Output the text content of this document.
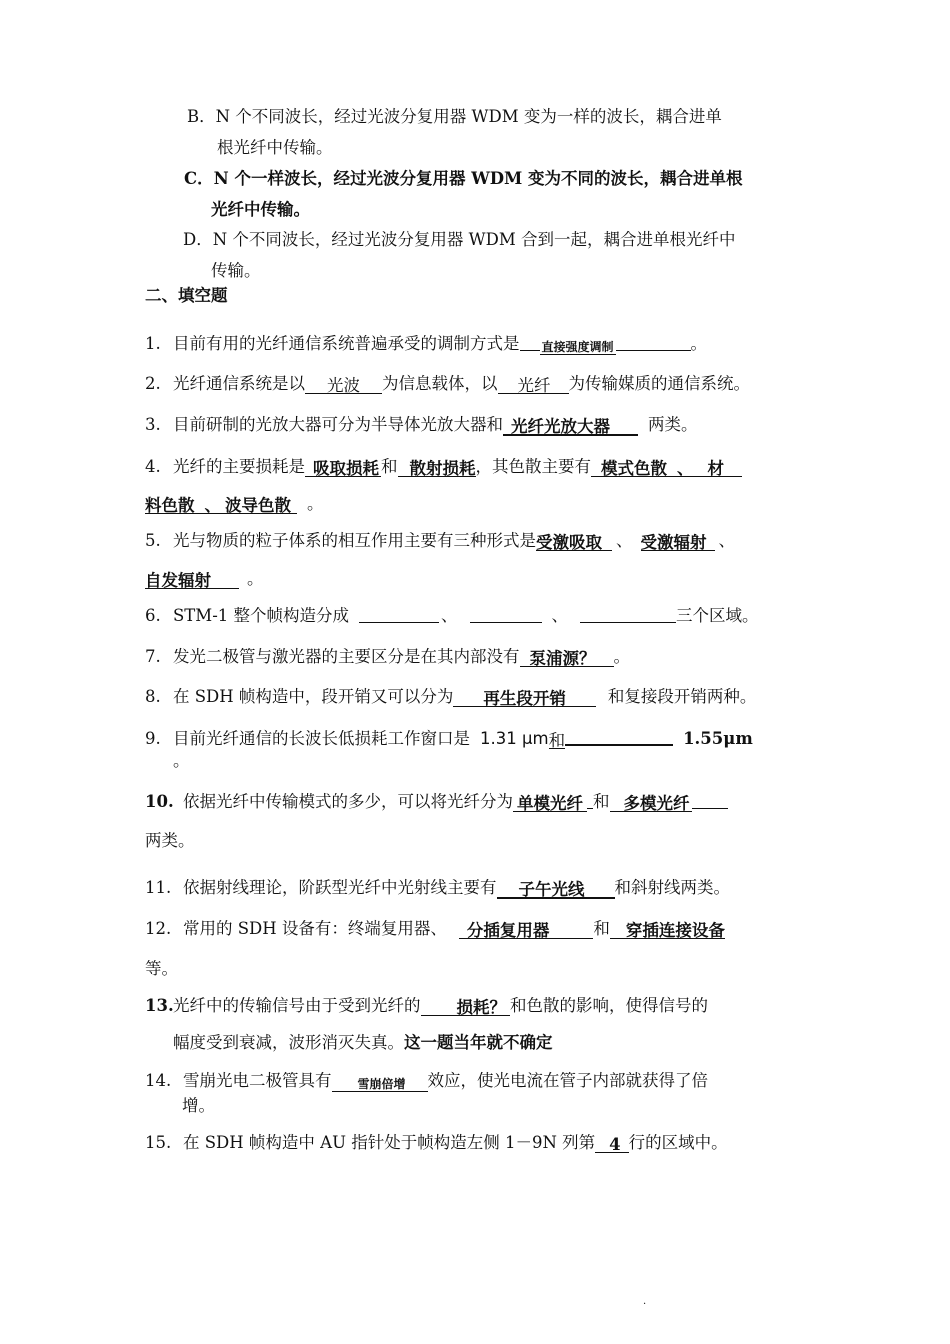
B．N 个不同波长，经过光波分复用器 WDM 变为一样的波长，耦合进单
根光纤中传输。
C．N 个一样波长，经过光波分复用器 WDM 变为不同的波长，耦合进单根
光纤中传输。
D．N 个不同波长，经过光波分复用器 WDM 合到一起，耦合进单根光纤中
传输。
二、填空题
1. 目前有用的光纤通信系统普遍承受的调制方式是 直接强度调制	。
2. 光纤通信系统是以 光波 为信息载体，以 光纤 为传输媒质的通信系统。
3. 目前研制的光放大器可分为半导体光放大器和 光纤光放大器 两类。
4. 光纤的主要损耗是 吸取损耗 和 散射损耗，其色散主要有 模式色散 、 材
料色散 、 波导色散 。
5. 光与物质的粒子体系的相互作用主要有三种形式是受激吸取 、 受激辐射 、
自发辐射 。
6. STM-1 整个帧构造分成	、	、	三个区域。
7. 发光二极管与激光器的主要区分是在其内部没有 泵浦源？ 。
8. 在 SDH 帧构造中，段开销又可以分为 再生段开销	和复接段开销两种。
9. 目前光纤通信的长波长低损耗工作窗口是 1.31 μm和	1.55μm
。
10. 依据光纤中传输模式的多少，可以将光纤分为 单模光纤 和 多模光纤
两类。
11. 依据射线理论，阶跃型光纤中光射线主要有 子午光线 和斜射线两类。
12. 常用的 SDH 设备有：终端复用器、 分插复用器	和 穿插连接设备
等。
13.光纤中的传输信号由于受到光纤的 损耗？ 和色散的影响，使得信号的
幅度受到衰减，波形消灭失真。这一题当年就不确定
14. 雪崩光电二极管具有 雪崩倍增 效应，使光电流在管子内部就获得了倍
增。
15. 在 SDH 帧构造中 AU 指针处于帧构造左侧 1－9N 列第 4 行的区域中。
.
